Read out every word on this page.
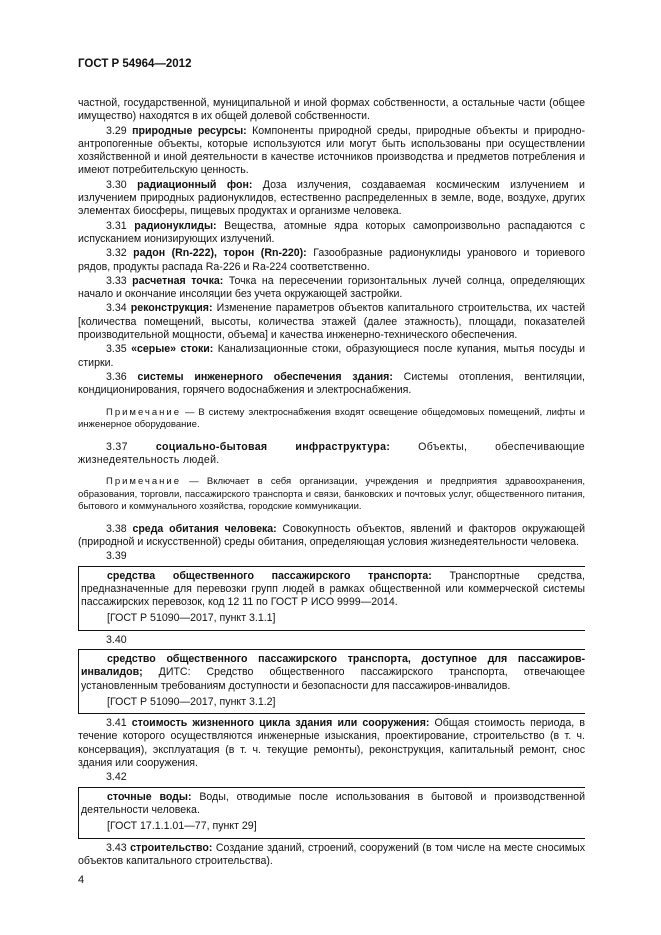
ГОСТ Р 54964—2012

частной, государственной, муниципальной и иной формах собственности, а остальные части (общее имущество) находятся в их общей долевой собственности.

3.29 природные ресурсы: Компоненты природной среды, природные объекты и природно-антропогенные объекты, которые используются или могут быть использованы при осуществлении хозяйственной и иной деятельности в качестве источников производства и предметов потребления и имеют потребительскую ценность.

3.30 радиационный фон: Доза излучения, создаваемая космическим излучением и излучением природных радионуклидов, естественно распределенных в земле, воде, воздухе, других элементах биосферы, пищевых продуктах и организме человека.

3.31 радионуклиды: Вещества, атомные ядра которых самопроизвольно распадаются с испусканием ионизирующих излучений.

3.32 радон (Rn-222), торон (Rn-220): Газообразные радионуклиды уранового и ториевого рядов, продукты распада Ra-226 и Ra-224 соответственно.

3.33 расчетная точка: Точка на пересечении горизонтальных лучей солнца, определяющих начало и окончание инсоляции без учета окружающей застройки.

3.34 реконструкция: Изменение параметров объектов капитального строительства, их частей [количества помещений, высоты, количества этажей (далее этажность), площади, показателей производительной мощности, объема] и качества инженерно-технического обеспечения.

3.35 «серые» стоки: Канализационные стоки, образующиеся после купания, мытья посуды и стирки.

3.36 системы инженерного обеспечения здания: Системы отопления, вентиляции, кондиционирования, горячего водоснабжения и электроснабжения.

Примечание — В систему электроснабжения входят освещение общедомовых помещений, лифты и инженерное оборудование.

3.37	социально-бытовая инфраструктура: Объекты, обеспечивающие жизнедеятельность людей.

Примечание — Включает в себя организации, учреждения и предприятия здравоохранения, образования, торговли, пассажирского транспорта и связи, банковских и почтовых услуг, общественного питания, бытового и коммунального хозяйства, городские коммуникации.

3.38 среда обитания человека: Совокупность объектов, явлений и факторов окружающей (природной и искусственной) среды обитания, определяющая условия жизнедеятельности человека.

3.39

средства общественного пассажирского транспорта: Транспортные средства, предназначенные для перевозки групп людей в рамках общественной или коммерческой системы пассажирских перевозок, код 12 11 по ГОСТ Р ИСО 9999—2014.

[ГОСТ Р 51090—2017, пункт 3.1.1]

3.40

средство общественного пассажирского транспорта, доступное для пассажиров-инвалидов; ДИТС: Средство общественного пассажирского транспорта, отвечающее установленным требованиям доступности и безопасности для пассажиров-инвалидов.

[ГОСТ Р 51090—2017, пункт 3.1.2]

3.41 стоимость жизненного цикла здания или сооружения: Общая стоимость периода, в течение которого осуществляются инженерные изыскания, проектирование, строительство (в т. ч. консервация), эксплуатация (в т. ч. текущие ремонты), реконструкция, капитальный ремонт, снос здания или сооружения.

3.42

сточные воды: Воды, отводимые после использования в бытовой и производственной деятельности человека.

[ГОСТ 17.1.1.01—77, пункт 29]

3.43 строительство: Создание зданий, строений, сооружений (в том числе на месте сносимых объектов капитального строительства).

4
